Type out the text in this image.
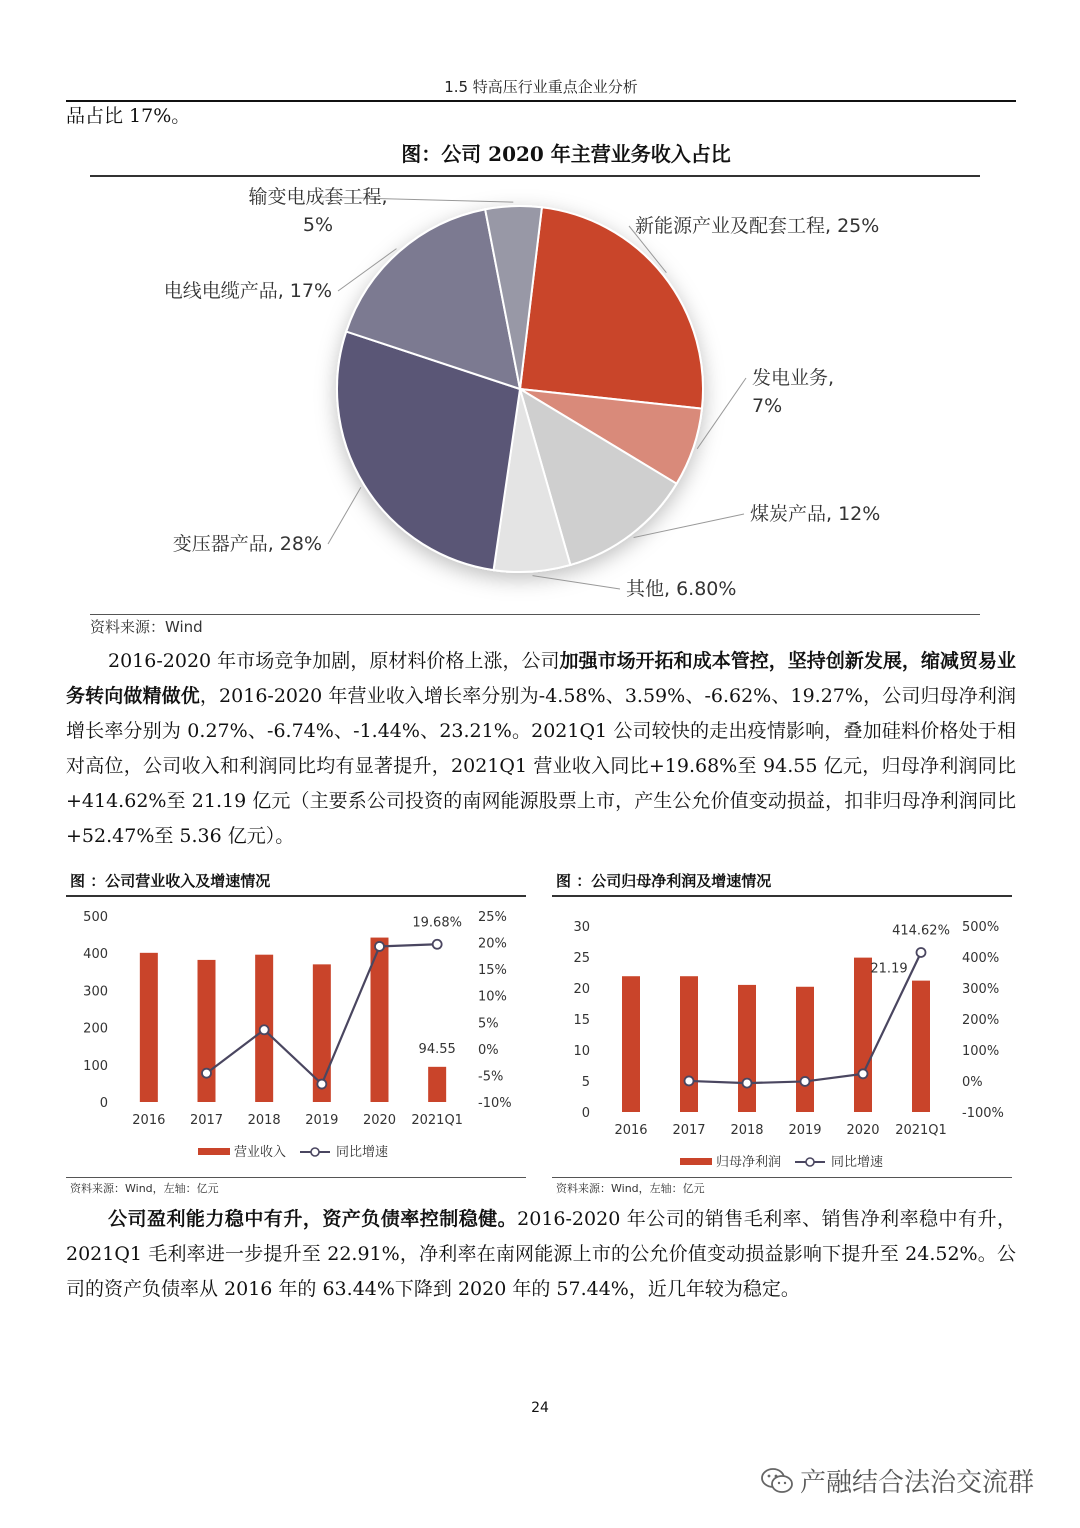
1.5 特高压行业重点企业分析

品占比 17%。

图：公司 2020 年主营业务收入占比
新能源产业及配套工程, 25%
发电业务, 7%
煤炭产品, 12%
其他, 6.80%
变压器产品, 28%
电线电缆产品, 17%
输变电成套工程, 5%
资料来源：Wind

2016-2020 年市场竞争加剧，原材料价格上涨，公司加强市场开拓和成本管控，坚持创新发展，缩减贸易业务转向做精做优，2016-2020 年营业收入增长率分别为-4.58%、3.59%、-6.62%、19.27%，公司归母净利润增长率分别为 0.27%、-6.74%、-1.44%、23.21%。2021Q1 公司较快的走出疫情影响，叠加硅料价格处于相对高位，公司收入和利润同比均有显著提升，2021Q1 营业收入同比+19.68%至 94.55 亿元，归母净利润同比+414.62%至 21.19 亿元（主要系公司投资的南网能源股票上市，产生公允价值变动损益，扣非归母净利润同比+52.47%至 5.36 亿元）。

图 ：公司营业收入及增速情况
500
400
300
200
100
0
25%
20%
15%
10%
5%
0%
-5%
-10%
2016 2017 2018 2019 2020 2021Q1
19.68%
94.55
营业收入	同比增速
资料来源：Wind，左轴：亿元
图 ：公司归母净利润及增速情况
30
25
20
15
10
5
0
500%
400%
300%
200%
100%
0%
-100%
2016 2017 2018 2019 2020 2021Q1
414.62%
21.19
归母净利润	同比增速
资料来源：Wind，左轴：亿元

公司盈利能力稳中有升，资产负债率控制稳健。2016-2020 年公司的销售毛利率、销售净利率稳中有升，2021Q1 毛利率进一步提升至 22.91%，净利率在南网能源上市的公允价值变动损益影响下提升至 24.52%。公司的资产负债率从 2016 年的 63.44%下降到 2020 年的 57.44%，近几年较为稳定。

24
产融结合法治交流群
